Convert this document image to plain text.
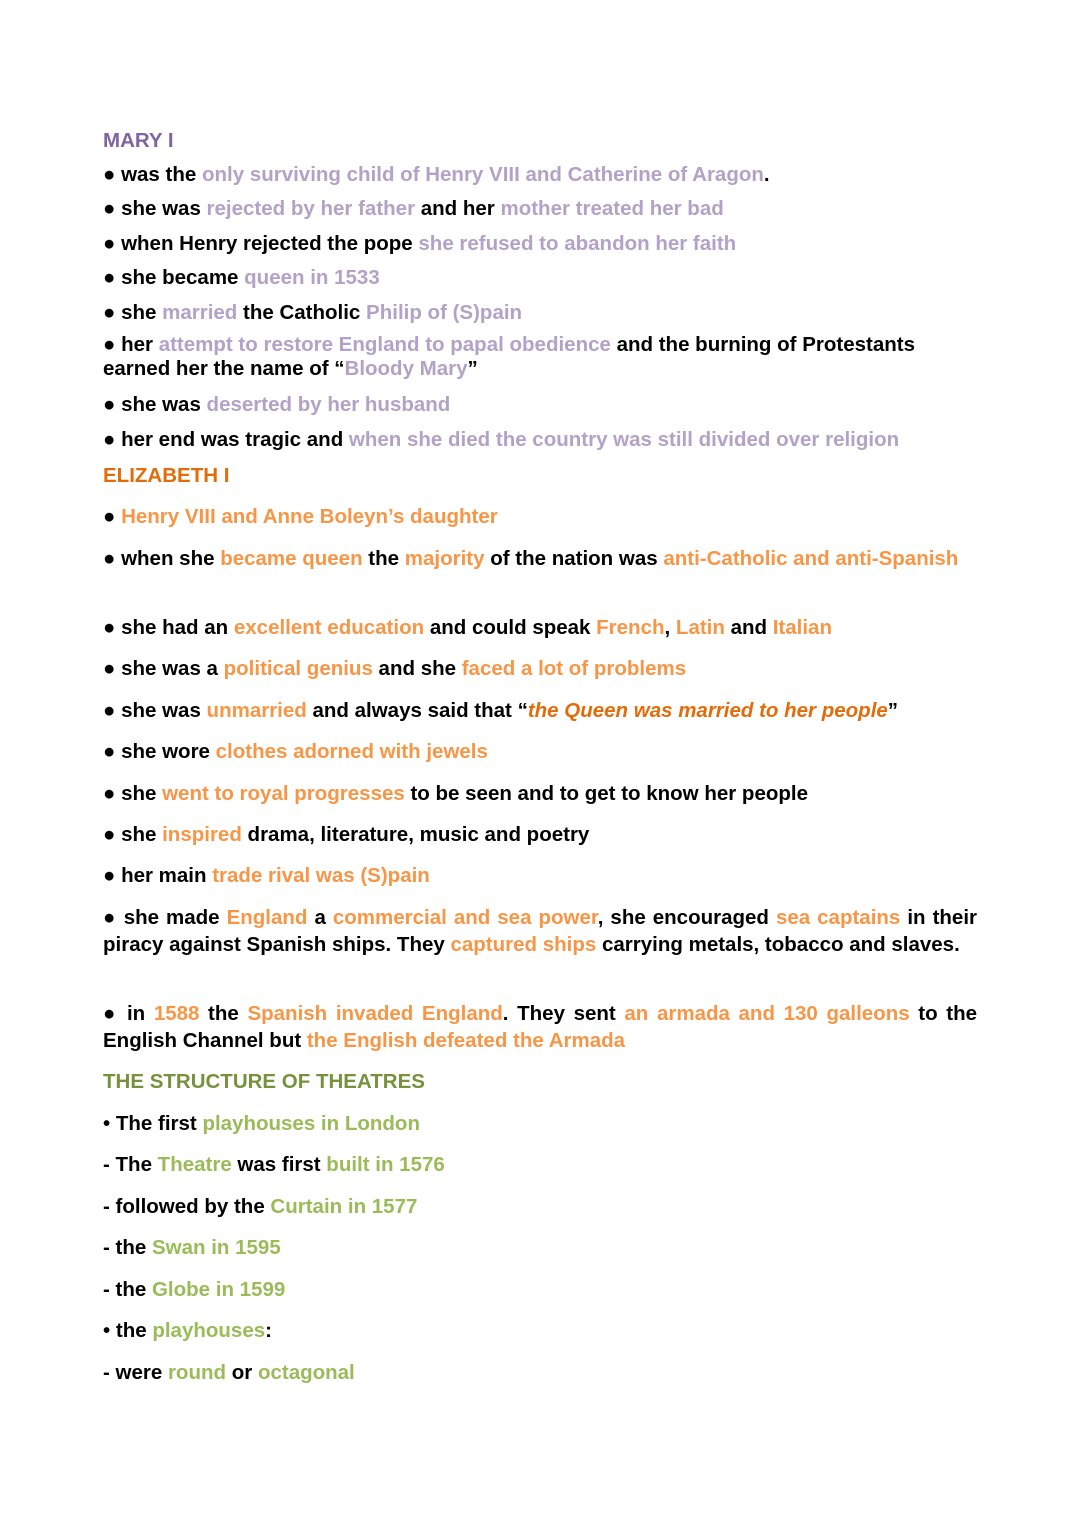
MARY I
● was the only surviving child of Henry VIII and Catherine of Aragon.
● she was rejected by her father and her mother treated her bad
● when Henry rejected the pope she refused to abandon her faith
● she became queen in 1533
● she married the Catholic Philip of (S)pain
● her attempt to restore England to papal obedience and the burning of Protestants earned her the name of “Bloody Mary”
● she was deserted by her husband
● her end was tragic and when she died the country was still divided over religion
ELIZABETH I
● Henry VIII and Anne Boleyn’s daughter
● when she became queen the majority of the nation was anti-Catholic and anti-Spanish
● she had an excellent education and could speak French, Latin and Italian
● she was a political genius and she faced a lot of problems
● she was unmarried and always said that “the Queen was married to her people”
● she wore clothes adorned with jewels
● she went to royal progresses to be seen and to get to know her people
● she inspired drama, literature, music and poetry
● her main trade rival was (S)pain
● she made England a commercial and sea power, she encouraged sea captains in their piracy against Spanish ships. They captured ships carrying metals, tobacco and slaves.
● in 1588 the Spanish invaded England. They sent an armada and 130 galleons to the English Channel but the English defeated the Armada
THE STRUCTURE OF THEATRES
• The first playhouses in London
- The Theatre was first built in 1576
- followed by the Curtain in 1577
- the Swan in 1595
- the Globe in 1599
• the playhouses:
- were round or octagonal
